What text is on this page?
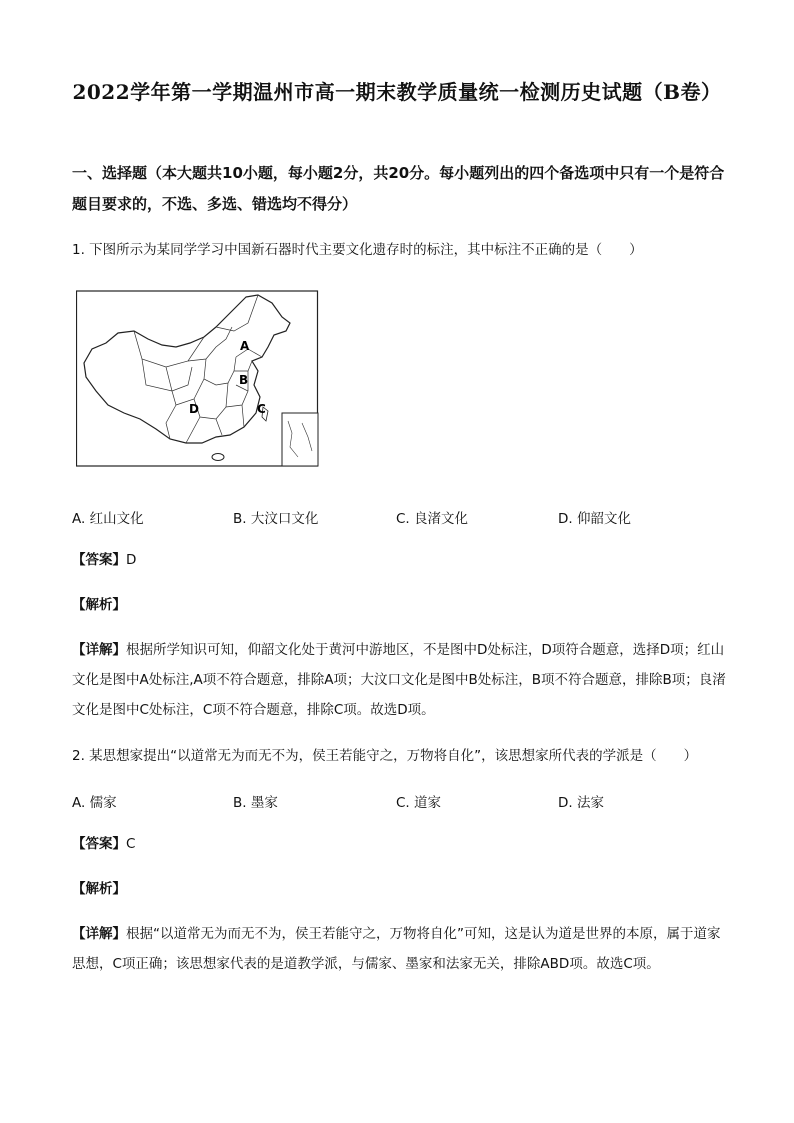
2022学年第一学期温州市高一期末教学质量统一检测历史试题（B卷）
一、选择题（本大题共10小题，每小题2分，共20分。每小题列出的四个备选项中只有一个是符合题目要求的，不选、多选、错选均不得分）
1. 下图所示为某同学学习中国新石器时代主要文化遗存时的标注，其中标注不正确的是（　　）
A
B
C
D
A. 红山文化	B. 大汶口文化	C. 良渚文化	D. 仰韶文化
【答案】D
【解析】
【详解】根据所学知识可知，仰韶文化处于黄河中游地区，不是图中D处标注，D项符合题意，选择D项；红山文化是图中A处标注,A项不符合题意，排除A项；大汶口文化是图中B处标注，B项不符合题意，排除B项；良渚文化是图中C处标注，C项不符合题意，排除C项。故选D项。
2. 某思想家提出“以道常无为而无不为，侯王若能守之，万物将自化”，该思想家所代表的学派是（　　）
A. 儒家	B. 墨家	C. 道家	D. 法家
【答案】C
【解析】
【详解】根据“以道常无为而无不为，侯王若能守之，万物将自化”可知，这是认为道是世界的本原，属于道家思想，C项正确；该思想家代表的是道教学派，与儒家、墨家和法家无关，排除ABD项。故选C项。
